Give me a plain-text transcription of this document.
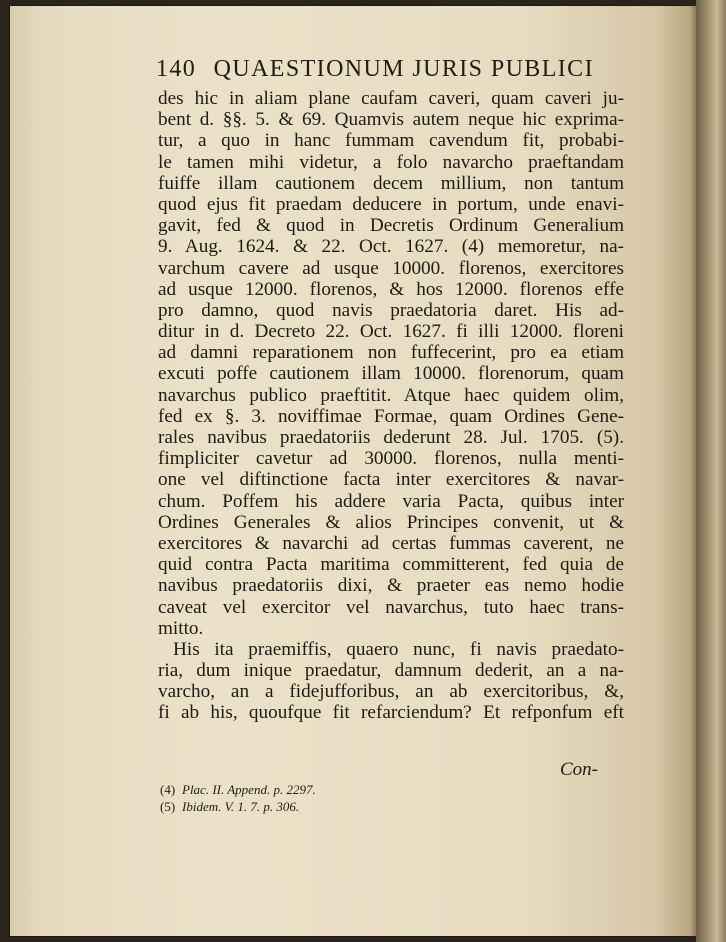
140 QUAESTIONUM JURIS PUBLICI
des hic in aliam plane caufam caveri, quam caveri ju-
bent d. §§. 5. & 69. Quamvis autem neque hic exprima-
tur, a quo in hanc fummam cavendum fit, probabi-
le tamen mihi videtur, a folo navarcho praeftandam
fuiffe illam cautionem decem millium, non tantum
quod ejus fit praedam deducere in portum, unde enavi-
gavit, fed & quod in Decretis Ordinum Generalium
9. Aug. 1624. & 22. Oct. 1627. (4) memoretur, na-
varchum cavere ad usque 10000. florenos, exercitores
ad usque 12000. florenos, & hos 12000. florenos effe
pro damno, quod navis praedatoria daret. His ad-
ditur in d. Decreto 22. Oct. 1627. fi illi 12000. floreni
ad damni reparationem non fuffecerint, pro ea etiam
excuti poffe cautionem illam 10000. florenorum, quam
navarchus publico praeftitit. Atque haec quidem olim,
fed ex §. 3. noviffimae Formae, quam Ordines Gene-
rales navibus praedatoriis dederunt 28. Jul. 1705. (5).
fimpliciter cavetur ad 30000. florenos, nulla menti-
one vel diftinctione facta inter exercitores & navar-
chum. Poffem his addere varia Pacta, quibus inter
Ordines Generales & alios Principes convenit, ut &
exercitores & navarchi ad certas fummas caverent, ne
quid contra Pacta maritima committerent, fed quia de
navibus praedatoriis dixi, & praeter eas nemo hodie
caveat vel exercitor vel navarchus, tuto haec trans-
mitto.
His ita praemiffis, quaero nunc, fi navis praedato-
ria, dum inique praedatur, damnum dederit, an a na-
varcho, an a fidejufforibus, an ab exercitoribus, &,
fi ab his, quoufque fit refarciendum? Et refponfum eft
Con-
(4) Plac. II. Append. p. 2297.
(5) Ibidem. V. 1. 7. p. 306.
